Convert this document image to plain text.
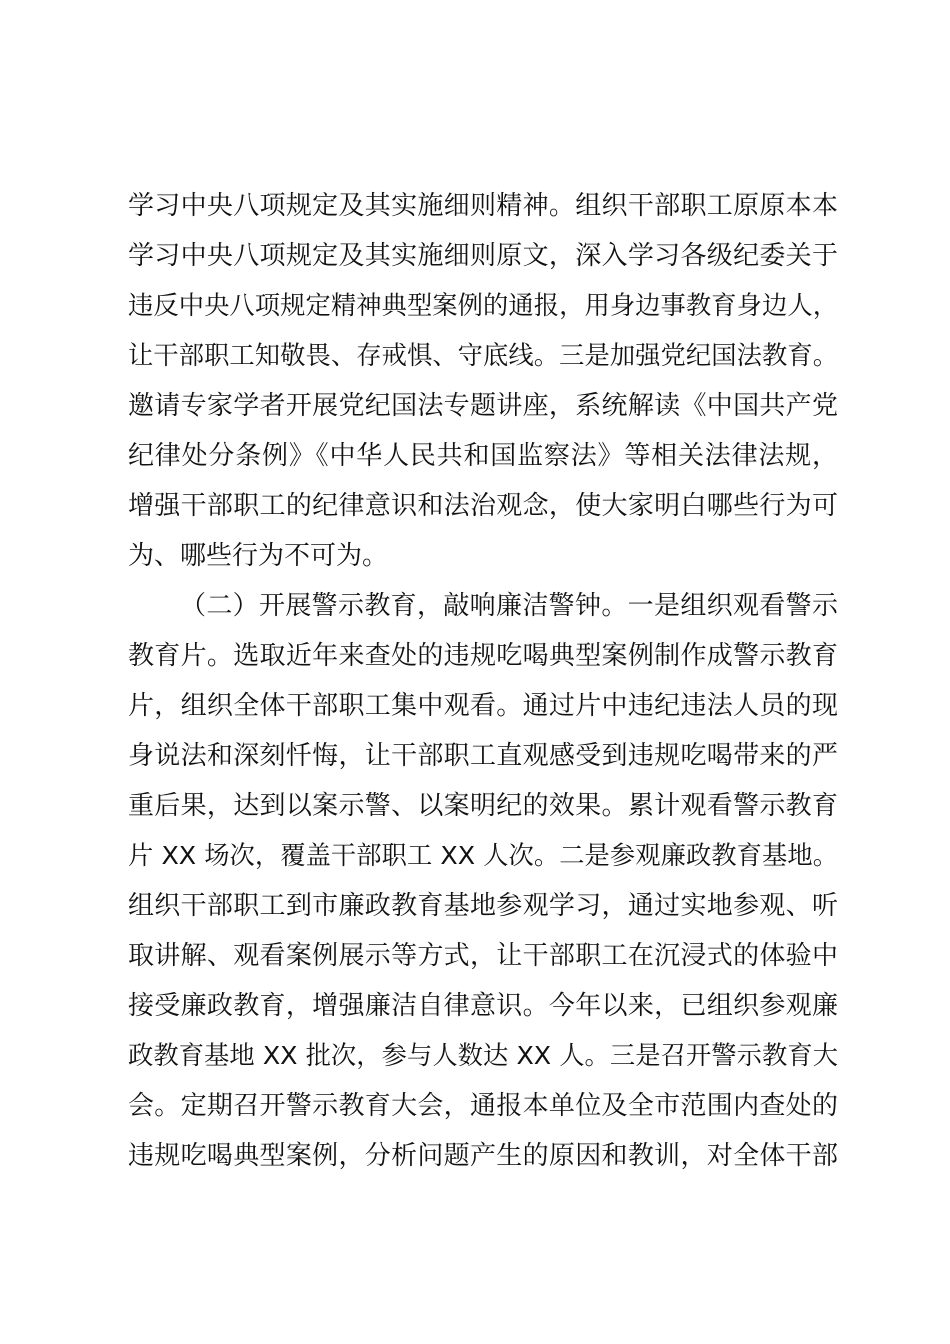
学习中央八项规定及其实施细则精神。组织干部职工原原本本
学习中央八项规定及其实施细则原文，深入学习各级纪委关于
违反中央八项规定精神典型案例的通报，用身边事教育身边人，
让干部职工知敬畏、存戒惧、守底线。三是加强党纪国法教育。
邀请专家学者开展党纪国法专题讲座，系统解读《中国共产党
纪律处分条例》《中华人民共和国监察法》等相关法律法规，
增强干部职工的纪律意识和法治观念，使大家明白哪些行为可
为、哪些行为不可为。
（二）开展警示教育，敲响廉洁警钟。一是组织观看警示
教育片。选取近年来查处的违规吃喝典型案例制作成警示教育
片，组织全体干部职工集中观看。通过片中违纪违法人员的现
身说法和深刻忏悔，让干部职工直观感受到违规吃喝带来的严
重后果，达到以案示警、以案明纪的效果。累计观看警示教育
片 XX 场次，覆盖干部职工 XX 人次。二是参观廉政教育基地。
组织干部职工到市廉政教育基地参观学习，通过实地参观、听
取讲解、观看案例展示等方式，让干部职工在沉浸式的体验中
接受廉政教育，增强廉洁自律意识。今年以来，已组织参观廉
政教育基地 XX 批次，参与人数达 XX 人。三是召开警示教育大
会。定期召开警示教育大会，通报本单位及全市范围内查处的
违规吃喝典型案例，分析问题产生的原因和教训，对全体干部
